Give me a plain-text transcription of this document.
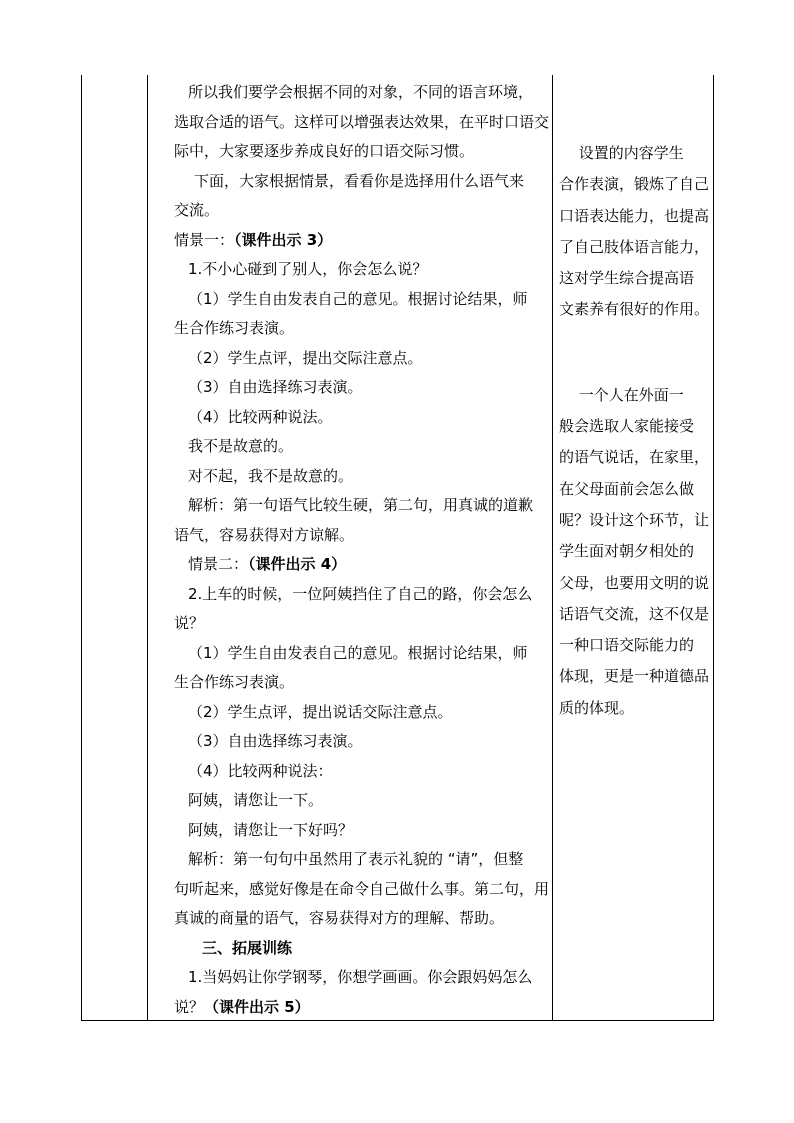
所以我们要学会根据不同的对象，不同的语言环境，

选取合适的语气。这样可以增强表达效果，在平时口语交

际中，大家要逐步养成良好的口语交际习惯。

下面，大家根据情景，看看你是选择用什么语气来

交流。

情景一：（课件出示 3）

1.不小心碰到了别人，你会怎么说？

（1）学生自由发表自己的意见。根据讨论结果，师

生合作练习表演。

（2）学生点评，提出交际注意点。

（3）自由选择练习表演。

（4）比较两种说法。

我不是故意的。

对不起，我不是故意的。

解析：第一句语气比较生硬，第二句，用真诚的道歉

语气，容易获得对方谅解。

情景二：（课件出示 4）

2.上车的时候，一位阿姨挡住了自己的路，你会怎么

说？

（1）学生自由发表自己的意见。根据讨论结果，师

生合作练习表演。

（2）学生点评，提出说话交际注意点。

（3）自由选择练习表演。

（4）比较两种说法：

阿姨，请您让一下。

阿姨，请您让一下好吗？

解析：第一句句中虽然用了表示礼貌的 “请”，但整

句听起来，感觉好像是在命令自己做什么事。第二句，用

真诚的商量的语气，容易获得对方的理解、帮助。

三、拓展训练

1.当妈妈让你学钢琴，你想学画画。你会跟妈妈怎么

说？（课件出示 5）

　 设置的内容学生

合作表演，锻炼了自己

口语表达能力，也提高

了自己肢体语言能力，

这对学生综合提高语

文素养有很好的作用。

　 一个人在外面一

般会选取人家能接受

的语气说话，在家里，

在父母面前会怎么做

呢？设计这个环节，让

学生面对朝夕相处的

父母，也要用文明的说

话语气交流，这不仅是

一种口语交际能力的

体现，更是一种道德品

质的体现。
